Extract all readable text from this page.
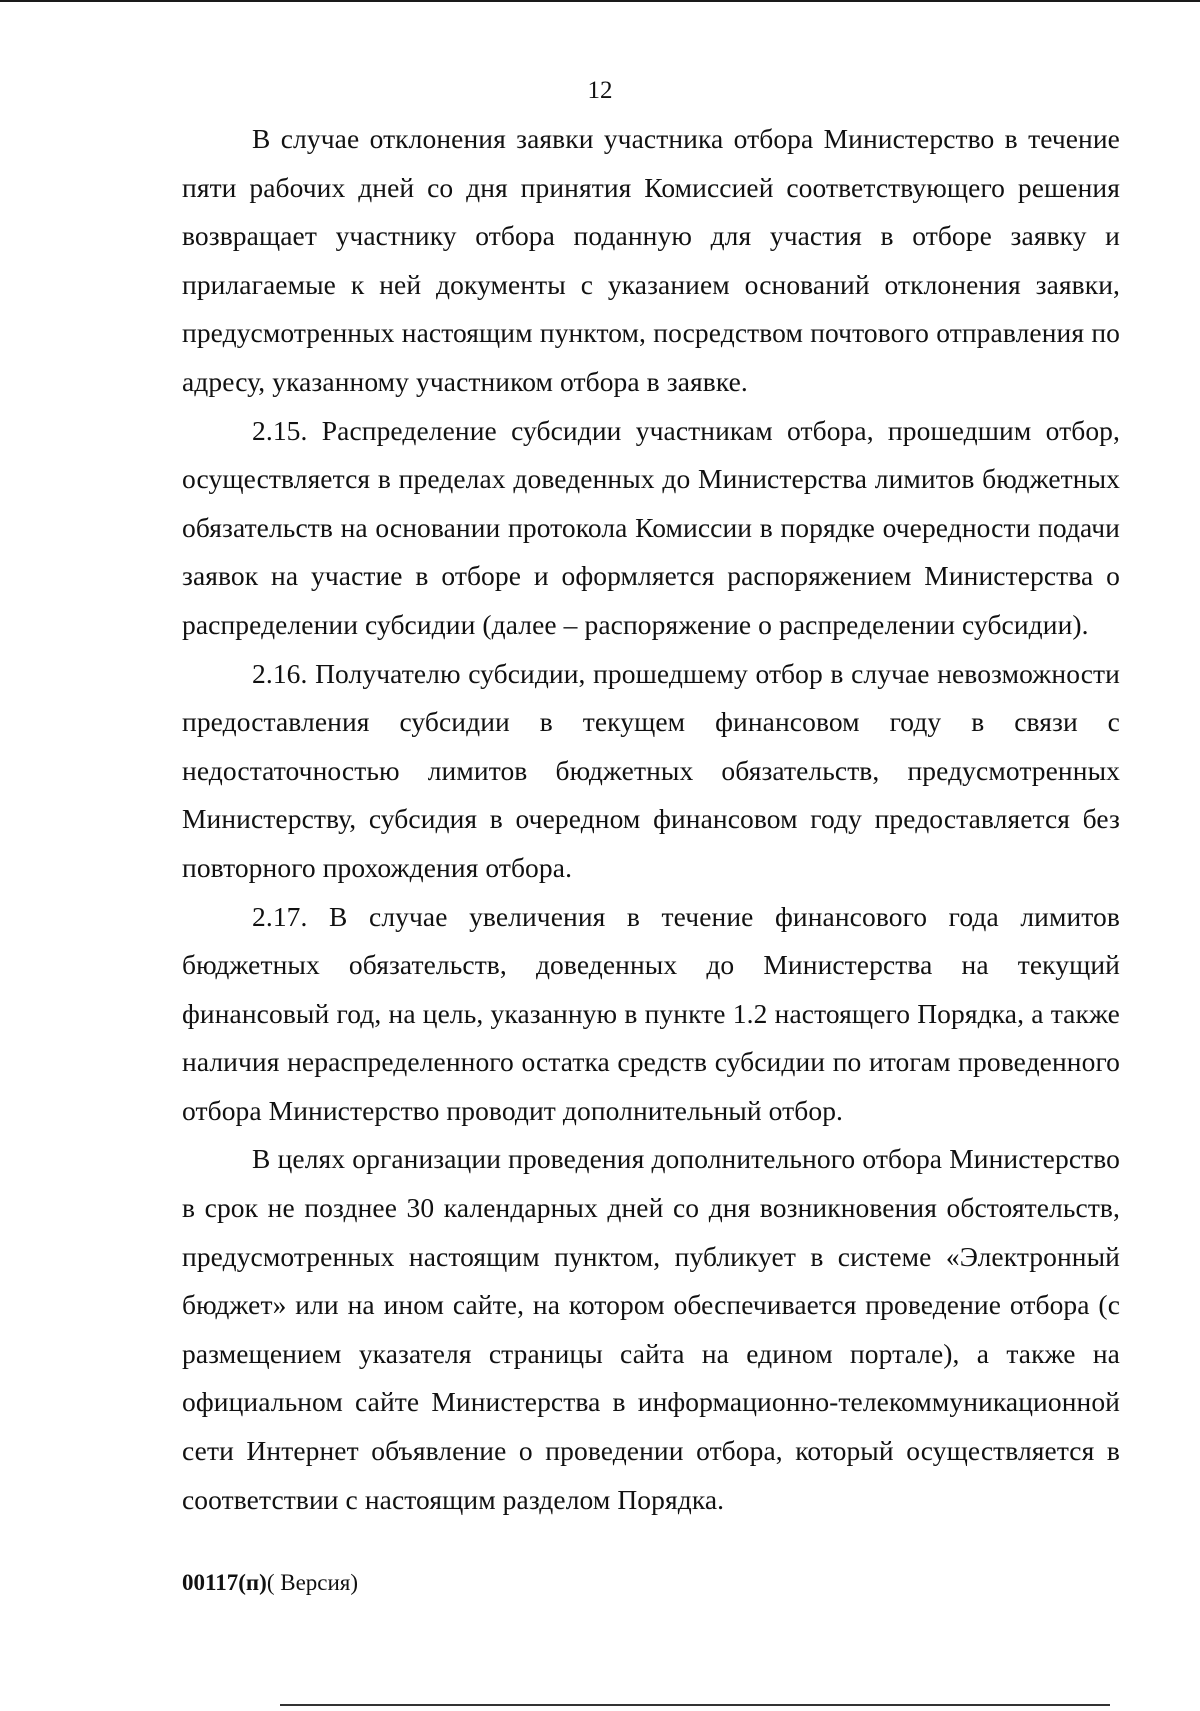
12

В случае отклонения заявки участника отбора Министерство в течение пяти рабочих дней со дня принятия Комиссией соответствующего решения возвращает участнику отбора поданную для участия в отборе заявку и прилагаемые к ней документы с указанием оснований отклонения заявки, предусмотренных настоящим пунктом, посредством почтового отправления по адресу, указанному участником отбора в заявке.

2.15. Распределение субсидии участникам отбора, прошедшим отбор, осуществляется в пределах доведенных до Министерства лимитов бюджетных обязательств на основании протокола Комиссии в порядке очередности подачи заявок на участие в отборе и оформляется распоряжением Министерства о распределении субсидии (далее – распоряжение о распределении субсидии).

2.16. Получателю субсидии, прошедшему отбор в случае невозможности предоставления субсидии в текущем финансовом году в связи с недостаточностью лимитов бюджетных обязательств, предусмотренных Министерству, субсидия в очередном финансовом году предоставляется без повторного прохождения отбора.

2.17. В случае увеличения в течение финансового года лимитов бюджетных обязательств, доведенных до Министерства на текущий финансовый год, на цель, указанную в пункте 1.2 настоящего Порядка, а также наличия нераспределенного остатка средств субсидии по итогам проведенного отбора Министерство проводит дополнительный отбор.

В целях организации проведения дополнительного отбора Министерство в срок не позднее 30 календарных дней со дня возникновения обстоятельств, предусмотренных настоящим пунктом, публикует в системе «Электронный бюджет» или на ином сайте, на котором обеспечивается проведение отбора (с размещением указателя страницы сайта на едином портале), а также на официальном сайте Министерства в информационно-телекоммуникационной сети Интернет объявление о проведении отбора, который осуществляется в соответствии с настоящим разделом Порядка.

00117(п)( Версия)
